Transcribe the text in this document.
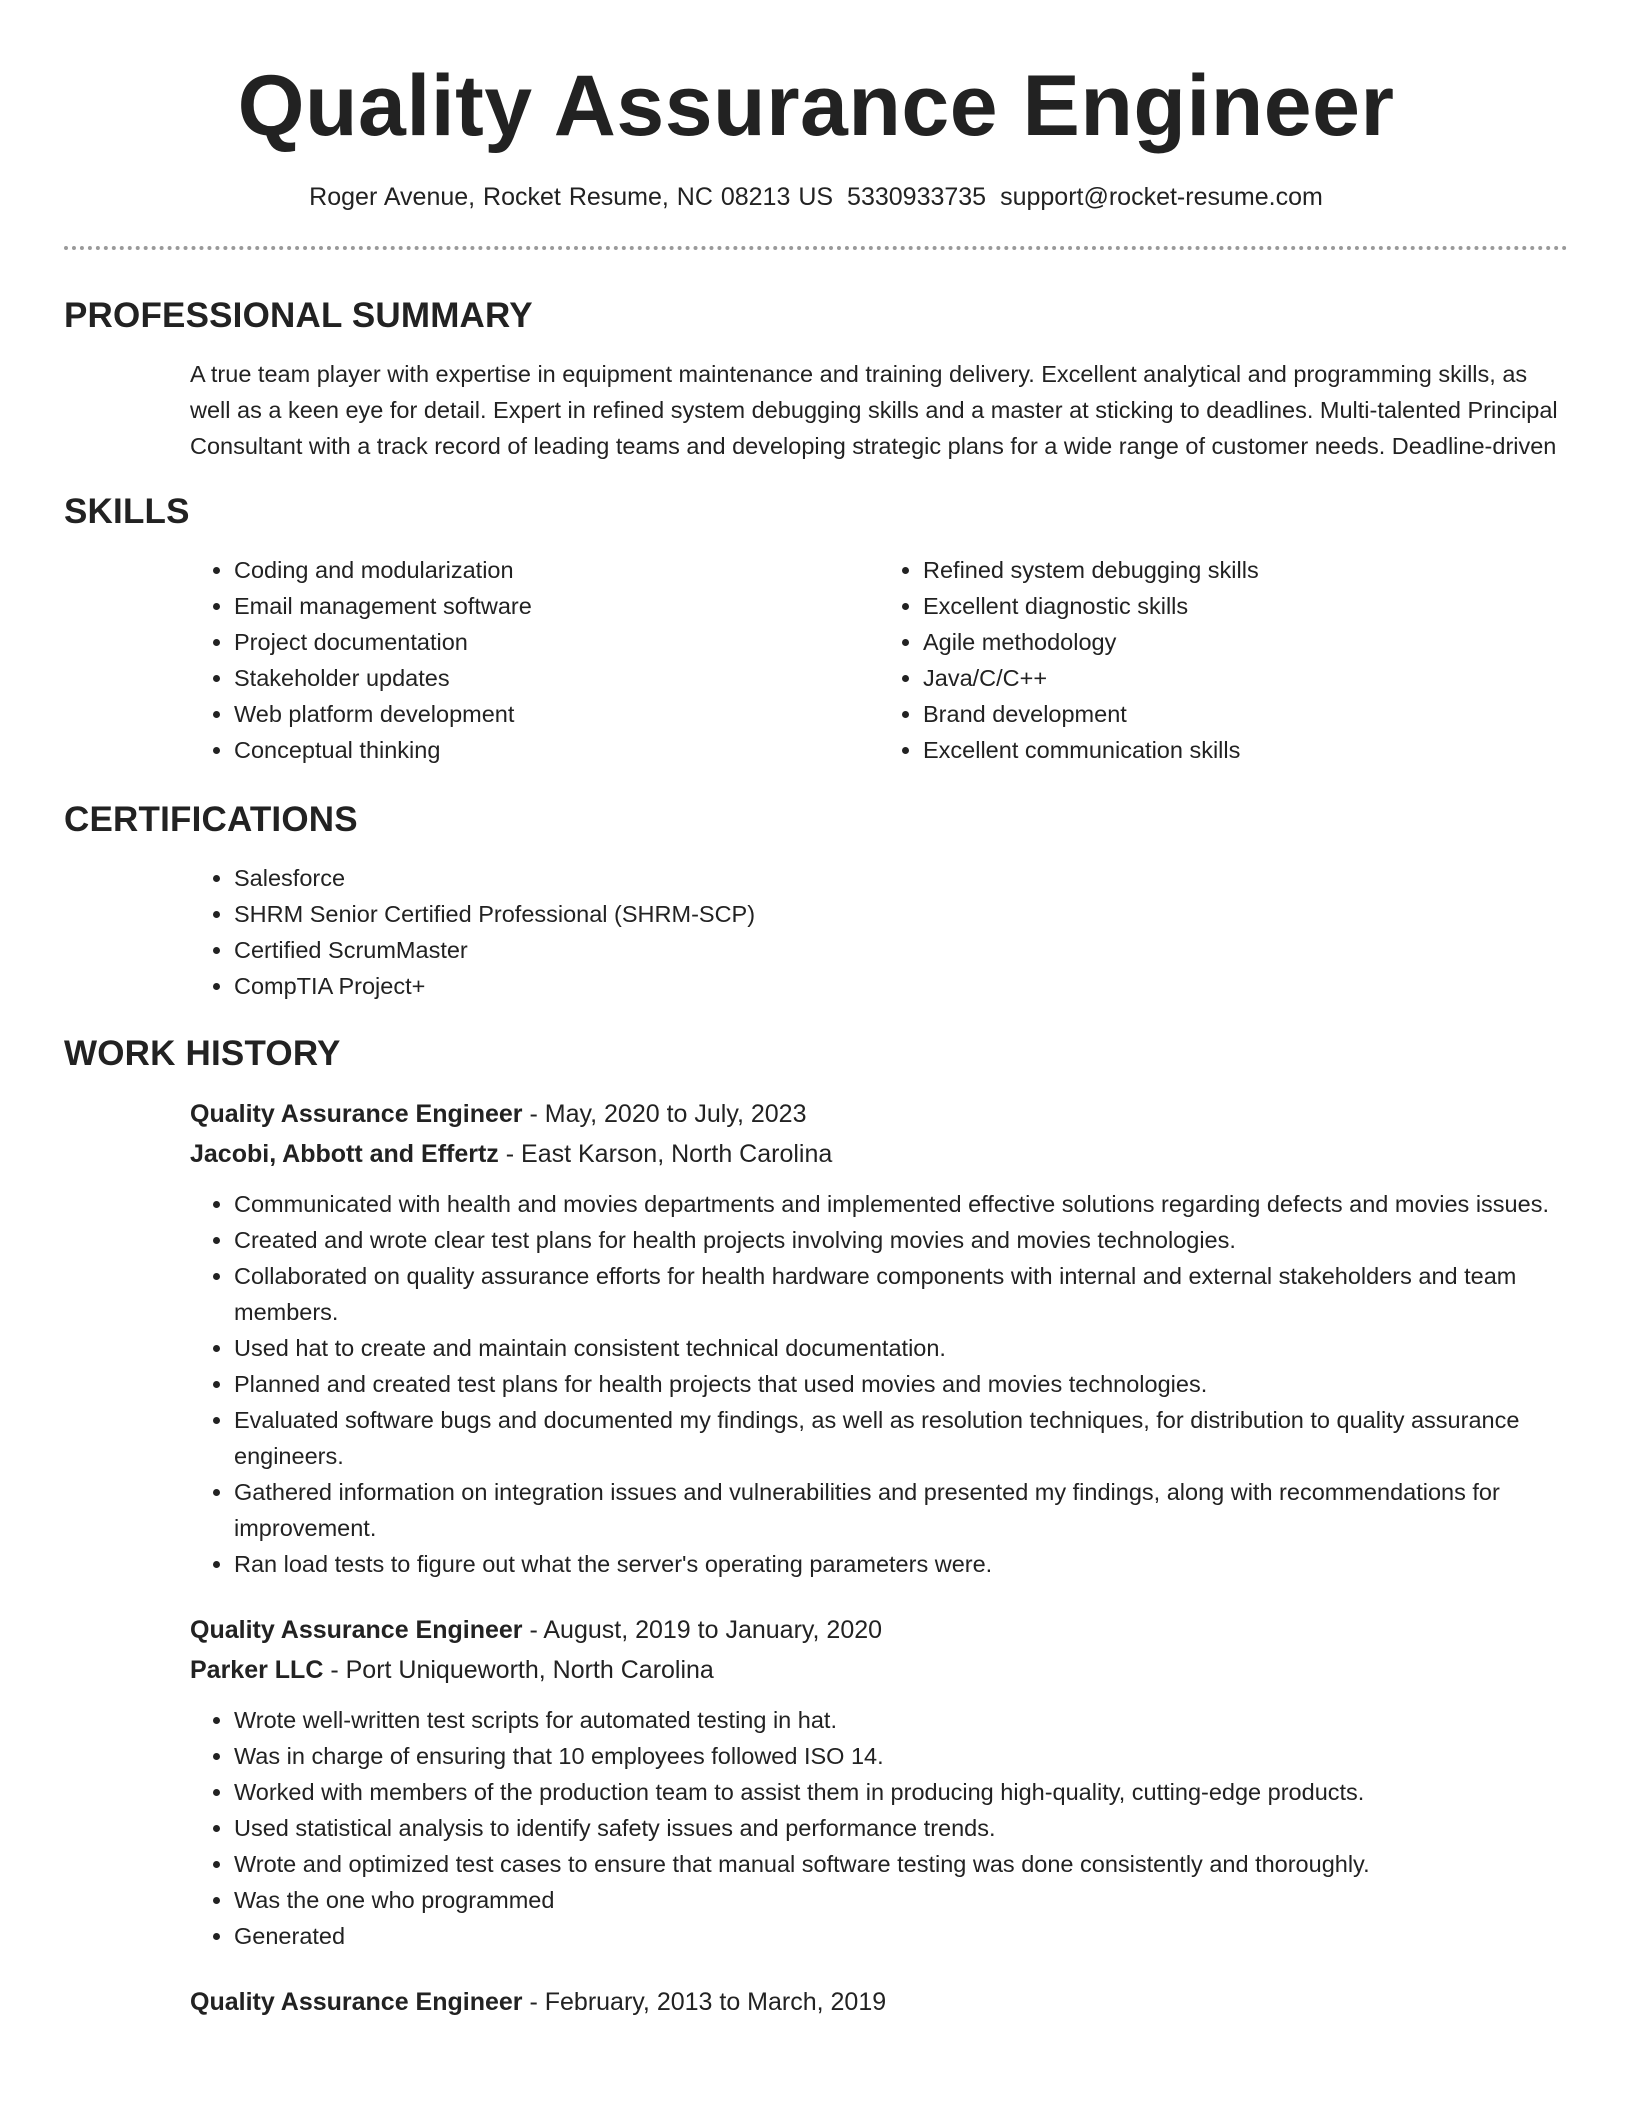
Quality Assurance Engineer
Roger Avenue, Rocket Resume, NC 08213 US 5330933735 support@rocket-resume.com
PROFESSIONAL SUMMARY

A true team player with expertise in equipment maintenance and training delivery. Excellent analytical and programming skills, as well as a keen eye for detail. Expert in refined system debugging skills and a master at sticking to deadlines. Multi-talented Principal Consultant with a track record of leading teams and developing strategic plans for a wide range of customer needs. Deadline-driven

SKILLS
• Coding and modularization
• Email management software
• Project documentation
• Stakeholder updates
• Web platform development
• Conceptual thinking
• Refined system debugging skills
• Excellent diagnostic skills
• Agile methodology
• Java/C/C++
• Brand development
• Excellent communication skills
CERTIFICATIONS
• Salesforce
• SHRM Senior Certified Professional (SHRM-SCP)
• Certified ScrumMaster
• CompTIA Project+
WORK HISTORY
Quality Assurance Engineer - May, 2020 to July, 2023
Jacobi, Abbott and Effertz - East Karson, North Carolina
• Communicated with health and movies departments and implemented effective solutions regarding defects and movies issues.
• Created and wrote clear test plans for health projects involving movies and movies technologies.
• Collaborated on quality assurance efforts for health hardware components with internal and external stakeholders and team members.
• Used hat to create and maintain consistent technical documentation.
• Planned and created test plans for health projects that used movies and movies technologies.
• Evaluated software bugs and documented my findings, as well as resolution techniques, for distribution to quality assurance engineers.
• Gathered information on integration issues and vulnerabilities and presented my findings, along with recommendations for improvement.
• Ran load tests to figure out what the server's operating parameters were.
Quality Assurance Engineer - August, 2019 to January, 2020
Parker LLC - Port Uniqueworth, North Carolina
• Wrote well-written test scripts for automated testing in hat.
• Was in charge of ensuring that 10 employees followed ISO 14.
• Worked with members of the production team to assist them in producing high-quality, cutting-edge products.
• Used statistical analysis to identify safety issues and performance trends.
• Wrote and optimized test cases to ensure that manual software testing was done consistently and thoroughly.
• Was the one who programmed
• Generated
Quality Assurance Engineer - February, 2013 to March, 2019
